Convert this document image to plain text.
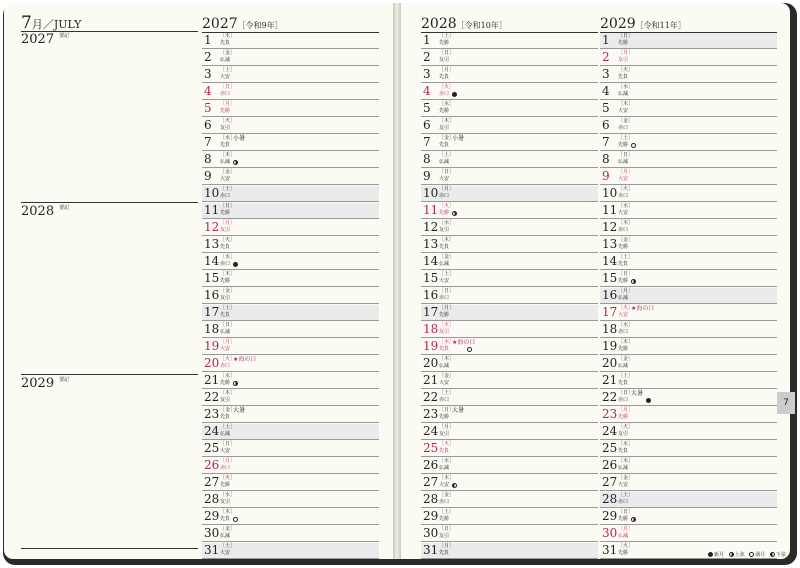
7月／JULY
2027 $^{要記}$
2028 $^{要記}$
2029 $^{要記}$
2027［令和9年］
1 ［木］
先負
2 ［金］
仏滅
3 ［土］
大安
4 ［日］
赤口
5 ［月］
先勝
6 ［火］
友引
7 ［水］
先負
小暑
8 ［木］
仏滅
9 ［金］
大安
10 ［土］
赤口
11 ［日］
先勝
12 ［月］
友引
13 ［火］
先負
14 ［水］
赤口
15 ［木］
先勝
16 ［金］
友引
17 ［土］
先負
18 ［日］
仏滅
19 ［月］
大安
20 ［火］
赤口
★海の日
21 ［水］
先勝
22 ［木］
友引
23 ［金］
先負
大暑
24 ［土］
仏滅
25 ［日］
大安
26 ［月］
赤口
27 ［火］
先勝
28 ［水］
友引
29 ［木］
先負
30 ［金］
仏滅
31 ［土］
大安
2028［令和10年］
1 ［土］
先勝
2 ［日］
友引
3 ［月］
先負
4 ［火］
赤口
5 ［水］
先勝
6 ［木］
友引
7 ［金］
先負
小暑
8 ［土］
仏滅
9 ［日］
大安
10 ［月］
赤口
11 ［火］
先勝
12 ［水］
友引
13 ［木］
先負
14 ［金］
仏滅
15 ［土］
大安
16 ［日］
赤口
17 ［月］
先勝
18 ［火］
友引
19 ［水］
先負
★海の日
20 ［木］
仏滅
21 ［金］
大安
22 ［土］
赤口
23 ［日］
先勝
大暑
24 ［月］
友引
25 ［火］
先負
26 ［水］
仏滅
27 ［木］
大安
28 ［金］
赤口
29 ［土］
先勝
30 ［日］
友引
31 ［月］
先負
2029［令和11年］
1 ［日］
先勝
2 ［月］
友引
3 ［火］
先負
4 ［水］
仏滅
5 ［木］
大安
6 ［金］
赤口
7 ［土］
先勝
8 ［日］
仏滅
9 ［月］
大安
10 ［火］
赤口
11 ［水］
大安
12 ［木］
赤口
13 ［金］
先勝
14 ［土］
先負
15 ［日］
先勝
16 ［月］
仏滅
17 ［火］
大安
★海の日
18 ［水］
赤口
19 ［木］
先勝
20 ［金］
仏滅
21 ［土］
先負
22 ［日］
赤口
大暑
23 ［月］
先勝
24 ［火］
友引
25 ［水］
先負
26 ［木］
仏滅
27 ［金］
大安
28 ［土］
赤口
29 ［日］
先勝
30 ［月］
仏滅
31 ［火］
先勝
7
新月 上弦 満月 下弦
